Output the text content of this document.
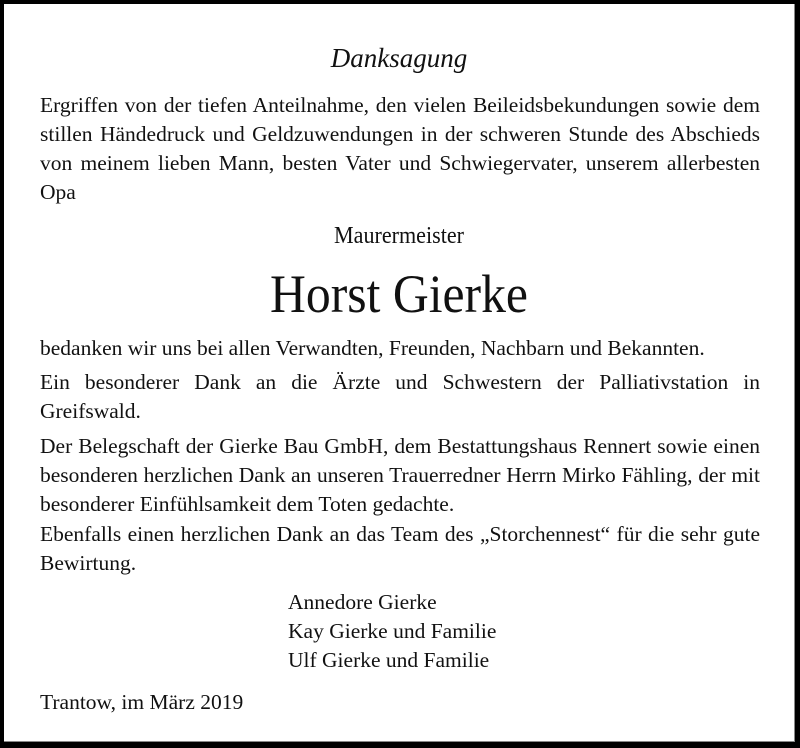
Danksagung
Ergriffen von der tiefen Anteilnahme, den vielen Beileidsbekundungen sowie dem stillen Händedruck und Geldzuwendungen in der schweren Stunde des Abschieds von meinem lieben Mann, besten Vater und Schwiegervater, unserem allerbesten Opa
Maurermeister
Horst Gierke
bedanken wir uns bei allen Verwandten, Freunden, Nachbarn und Bekannten.
Ein besonderer Dank an die Ärzte und Schwestern der Palliativstation in Greifswald.
Der Belegschaft der Gierke Bau GmbH, dem Bestattungshaus Rennert sowie einen besonderen herzlichen Dank an unseren Trauerredner Herrn Mirko Fähling, der mit besonderer Einfühlsamkeit dem Toten gedachte.
Ebenfalls einen herzlichen Dank an das Team des „Storchennest“ für die sehr gute Bewirtung.
Annedore Gierke
Kay Gierke und Familie
Ulf Gierke und Familie
Trantow, im März 2019
